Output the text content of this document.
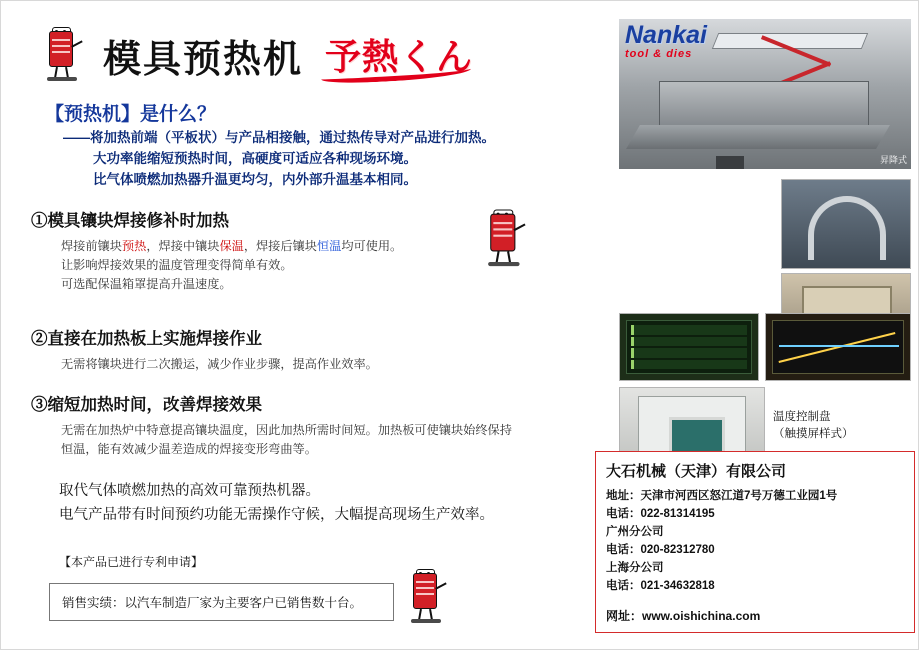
模具预热机 予熱くん
【预热机】是什么？
——将加热前端（平板状）与产品相接触，通过热传导对产品进行加热。
大功率能缩短预热时间，高硬度可适应各种现场环境。
比气体喷燃加热器升温更均匀，内外部升温基本相同。
①模具镶块焊接修补时加热
焊接前镶块预热，焊接中镶块保温，焊接后镶块恒温均可使用。
让影响焊接效果的温度管理变得简单有效。
可选配保温箱罩提高升温速度。
②直接在加热板上实施焊接作业
无需将镶块进行二次搬运，减少作业步骤，提高作业效率。
③缩短加热时间，改善焊接效果
无需在加热炉中特意提高镶块温度，因此加热所需时间短。加热板可使镶块始终保持
恒温，能有效减少温差造成的焊接变形弯曲等。
取代气体喷燃加热的高效可靠预热机器。
电气产品带有时间预约功能无需操作守候，大幅提高现场生产效率。
【本产品已进行专利申请】
销售实绩：以汽车制造厂家为主要客户已销售数十台。
昇降式
温度控制盘
（触摸屏样式）
Nankai
tool & dies
大石机械（天津）有限公司
地址：天津市河西区怒江道7号万德工业园1号
电话：022-81314195
广州分公司
电话：020-82312780
上海分公司
电话：021-34632818
网址：www.oishichina.com
